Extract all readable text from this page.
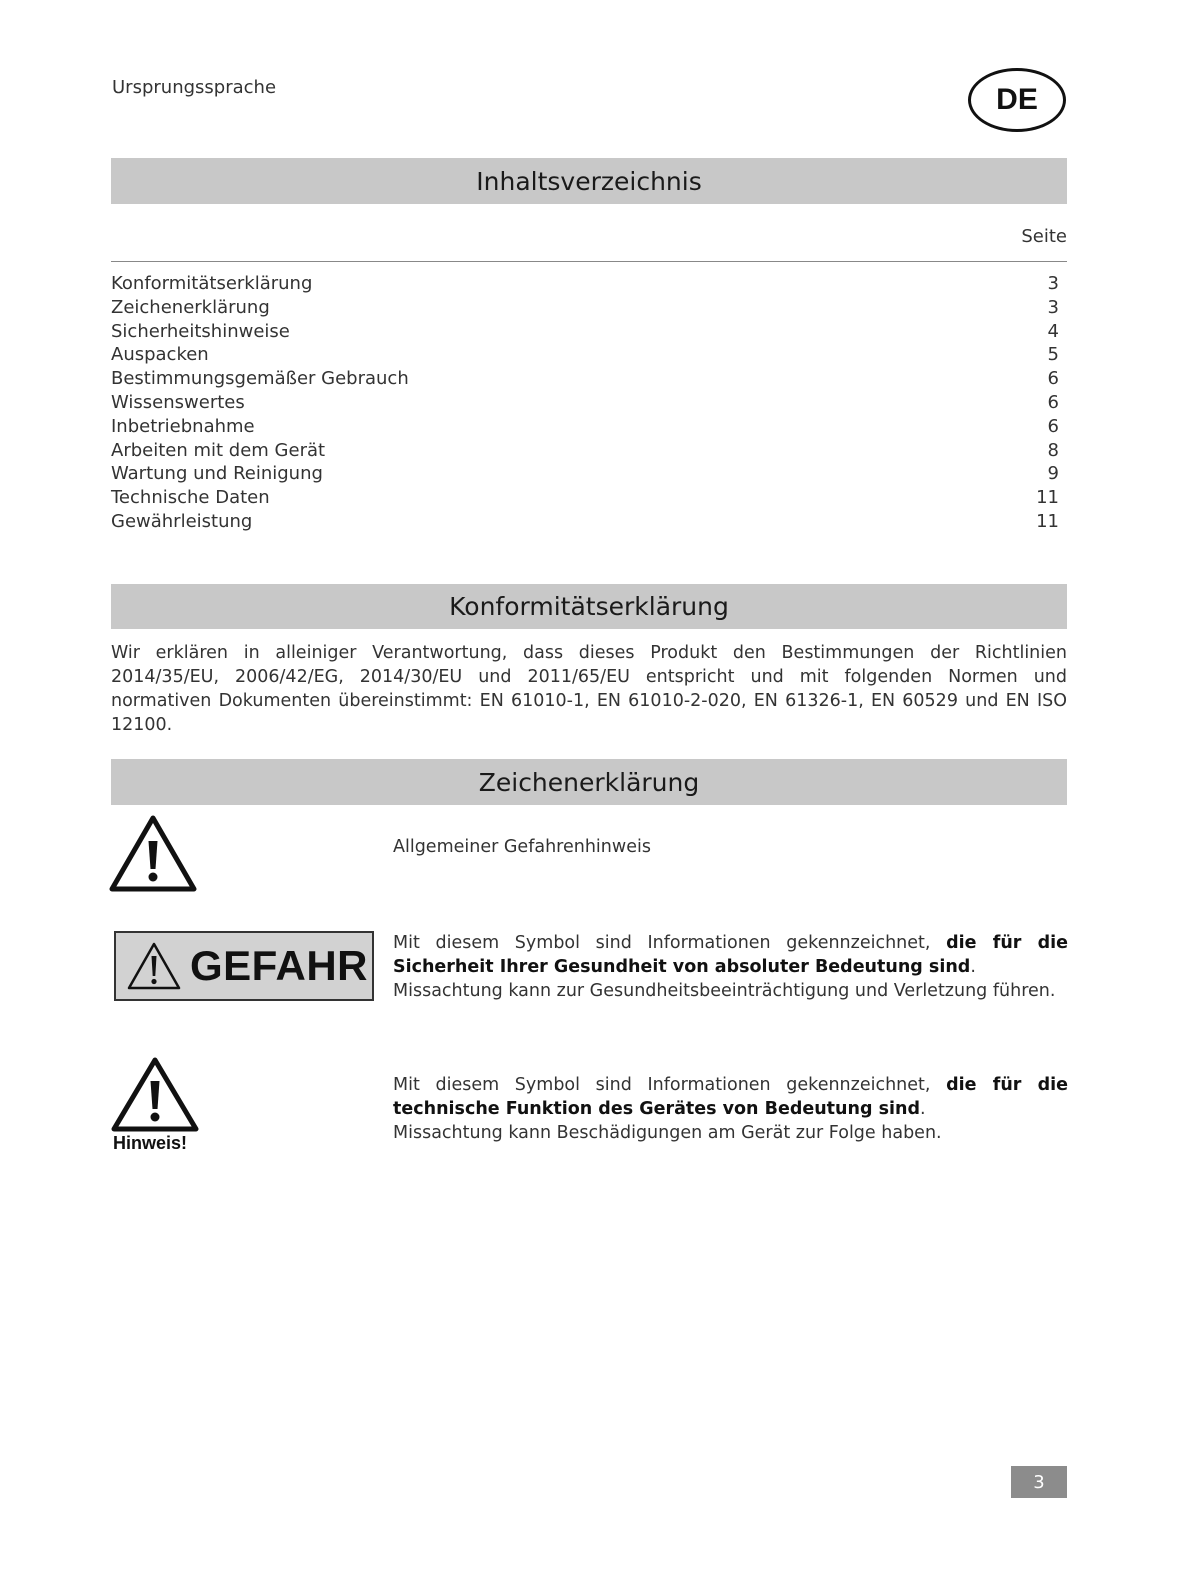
Ursprungssprache	DE
Inhaltsverzeichnis
Seite
Konformitätserklärung	3
Zeichenerklärung	3
Sicherheitshinweise	4
Auspacken	5
Bestimmungsgemäßer Gebrauch	6
Wissenswertes	6
Inbetriebnahme	6
Arbeiten mit dem Gerät	8
Wartung und Reinigung	9
Technische Daten	11
Gewährleistung	11
Konformitätserklärung

Wir erklären in alleiniger Verantwortung, dass dieses Produkt den Bestimmungen der Richtlinien 2014/35/EU, 2006/42/EG, 2014/30/EU und 2011/65/EU entspricht und mit folgenden Normen und normativen Dokumenten übereinstimmt: EN 61010-1, EN 61010-2-020, EN 61326-1, EN 60529 und EN ISO 12100.

Zeichenerklärung
Allgemeiner Gefahrenhinweis
GEFAHR Mit diesem Symbol sind Informationen gekennzeichnet, die für die Sicherheit Ihrer Gesundheit von absoluter Bedeutung sind.
Missachtung kann zur Gesundheitsbeeinträchtigung und Verletzung führen.
Hinweis!
Mit diesem Symbol sind Informationen gekennzeichnet, die für die technische Funktion des Gerätes von Bedeutung sind.
Missachtung kann Beschädigungen am Gerät zur Folge haben.
3
